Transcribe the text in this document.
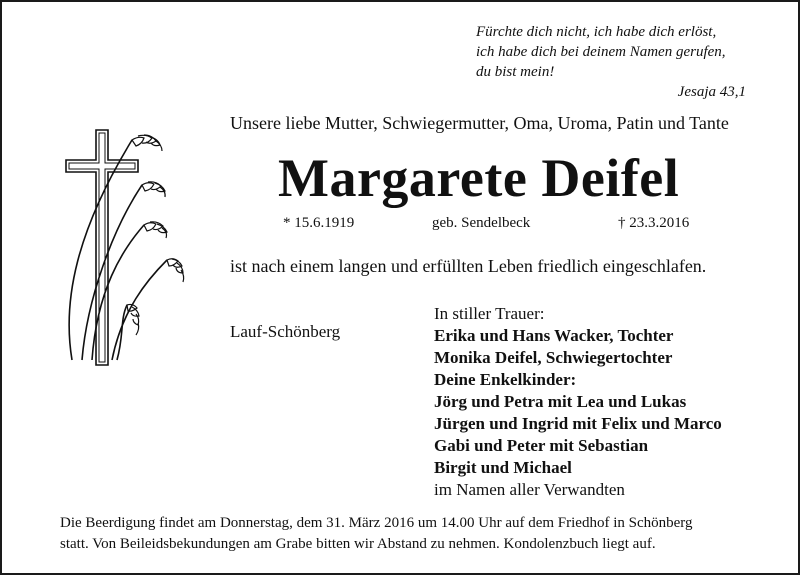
Fürchte dich nicht, ich habe dich erlöst,
ich habe dich bei deinem Namen gerufen,
du bist mein!
Jesaja 43,1
Unsere liebe Mutter, Schwiegermutter, Oma, Uroma, Patin und Tante
Margarete Deifel
* 15.6.1919	geb. Sendelbeck	† 23.3.2016
ist nach einem langen und erfüllten Leben friedlich eingeschlafen.
Lauf-Schönberg
In stiller Trauer:
Erika und Hans Wacker, Tochter
Monika Deifel, Schwiegertochter
Deine Enkelkinder:
Jörg und Petra mit Lea und Lukas
Jürgen und Ingrid mit Felix und Marco
Gabi und Peter mit Sebastian
Birgit und Michael
im Namen aller Verwandten
Die Beerdigung findet am Donnerstag, dem 31. März 2016 um 14.00 Uhr auf dem Friedhof in Schönberg
statt. Von Beileidsbekundungen am Grabe bitten wir Abstand zu nehmen. Kondolenzbuch liegt auf.
